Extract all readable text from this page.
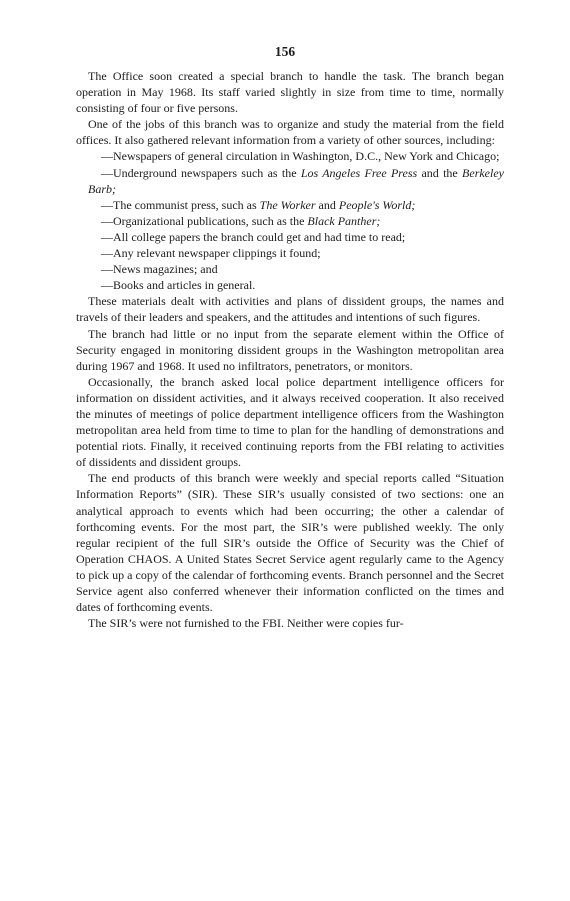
156

The Office soon created a special branch to handle the task. The branch began operation in May 1968. Its staff varied slightly in size from time to time, normally consisting of four or five persons.

One of the jobs of this branch was to organize and study the material from the field offices. It also gathered relevant information from a variety of other sources, including:

—Newspapers of general circulation in Washington, D.C., New York and Chicago;

—Underground newspapers such as the Los Angeles Free Press and the Berkeley Barb;

—The communist press, such as The Worker and People's World;

—Organizational publications, such as the Black Panther;

—All college papers the branch could get and had time to read;

—Any relevant newspaper clippings it found;

—News magazines; and

—Books and articles in general.

These materials dealt with activities and plans of dissident groups, the names and travels of their leaders and speakers, and the attitudes and intentions of such figures.

The branch had little or no input from the separate element within the Office of Security engaged in monitoring dissident groups in the Washington metropolitan area during 1967 and 1968. It used no infiltrators, penetrators, or monitors.

Occasionally, the branch asked local police department intelligence officers for information on dissident activities, and it always received cooperation. It also received the minutes of meetings of police department intelligence officers from the Washington metropolitan area held from time to time to plan for the handling of demonstrations and potential riots. Finally, it received continuing reports from the FBI relating to activities of dissidents and dissident groups.

The end products of this branch were weekly and special reports called “Situation Information Reports” (SIR). These SIR’s usually consisted of two sections: one an analytical approach to events which had been occurring; the other a calendar of forthcoming events. For the most part, the SIR’s were published weekly. The only regular recipient of the full SIR’s outside the Office of Security was the Chief of Operation CHAOS. A United States Secret Service agent regularly came to the Agency to pick up a copy of the calendar of forthcoming events. Branch personnel and the Secret Service agent also conferred whenever their information conflicted on the times and dates of forthcoming events.

The SIR’s were not furnished to the FBI. Neither were copies fur-
